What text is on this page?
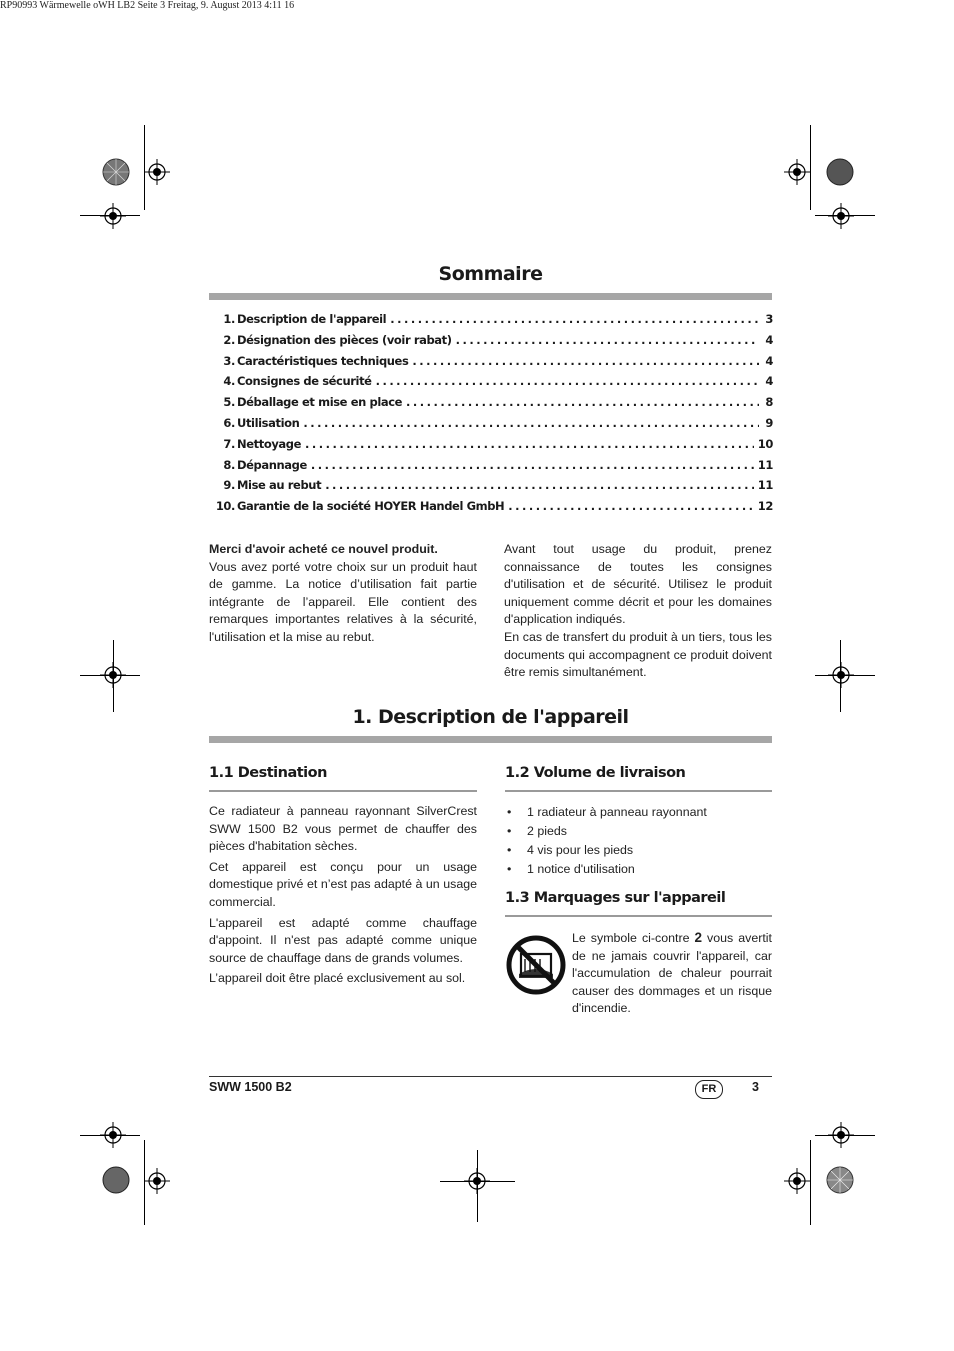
RP90993 Wärmewelle oWH LB2 Seite 3 Freitag, 9. August 2013 4:11 16
Sommaire
1. Description de l'appareil .....	3
2. Désignation des pièces (voir rabat) .....	4
3. Caractéristiques techniques .....	4
4. Consignes de sécurité .....	4
5. Déballage et mise en place .....	8
6. Utilisation .....	9
7. Nettoyage .....	10
8. Dépannage .....	11
9. Mise au rebut .....	11
10. Garantie de la société HOYER Handel GmbH .....	12

Merci d'avoir acheté ce nouvel produit.

Vous avez porté votre choix sur un produit haut de gamme. La notice d’utilisation fait partie intégrante de l’appareil. Elle contient des remarques importantes relatives à la sécurité, l'utilisation et la mise au rebut.

Avant tout usage du produit, prenez connaissance de toutes les consignes d'utilisation et de sécurité. Utilisez le produit uniquement comme décrit et pour les domaines d'application indiqués.

En cas de transfert du produit à un tiers, tous les documents qui accompagnent ce produit doivent être remis simultanément.

1. Description de l'appareil
1.1 Destination

Ce radiateur à panneau rayonnant SilverCrest SWW 1500 B2 vous permet de chauffer des pièces d'habitation sèches.

Cet appareil est conçu pour un usage domestique privé et n’est pas adapté à un usage commercial.

L'appareil est adapté comme chauffage d'appoint. Il n'est pas adapté comme unique source de chauffage dans de grands volumes.

L’appareil doit être placé exclusivement au sol.

1.2 Volume de livraison
• 1 radiateur à panneau rayonnant
• 2 pieds
• 4 vis pour les pieds
• 1 notice d'utilisation
1.3 Marquages sur l'appareil

Le symbole ci-contre 2 vous avertit de ne jamais couvrir l'appareil, car l'accumulation de chaleur pourrait causer des dommages et un risque d'incendie.

SWW 1500 B2	FR	3
